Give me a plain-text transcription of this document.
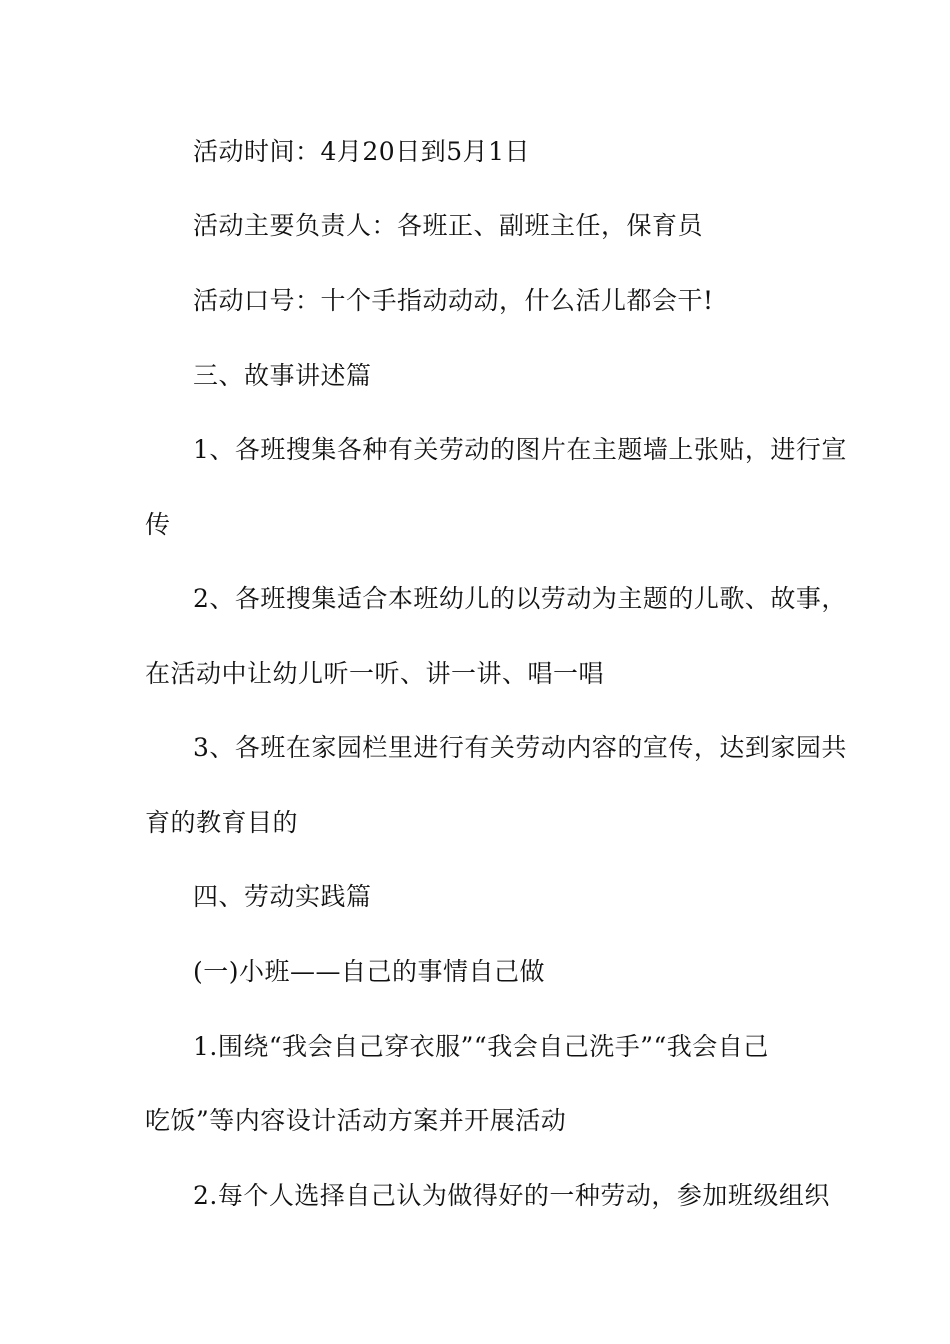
活动时间：4月20日到5月1日
活动主要负责人：各班正、副班主任，保育员
活动口号：十个手指动动动，什么活儿都会干!
三、故事讲述篇
1、各班搜集各种有关劳动的图片在主题墙上张贴，进行宣
传
2、各班搜集适合本班幼儿的以劳动为主题的儿歌、故事，
在活动中让幼儿听一听、讲一讲、唱一唱
3、各班在家园栏里进行有关劳动内容的宣传，达到家园共
育的教育目的
四、劳动实践篇
(一)小班——自己的事情自己做
1.围绕“我会自己穿衣服”“我会自己洗手”“我会自己
吃饭”等内容设计活动方案并开展活动
2.每个人选择自己认为做得好的一种劳动，参加班级组织
